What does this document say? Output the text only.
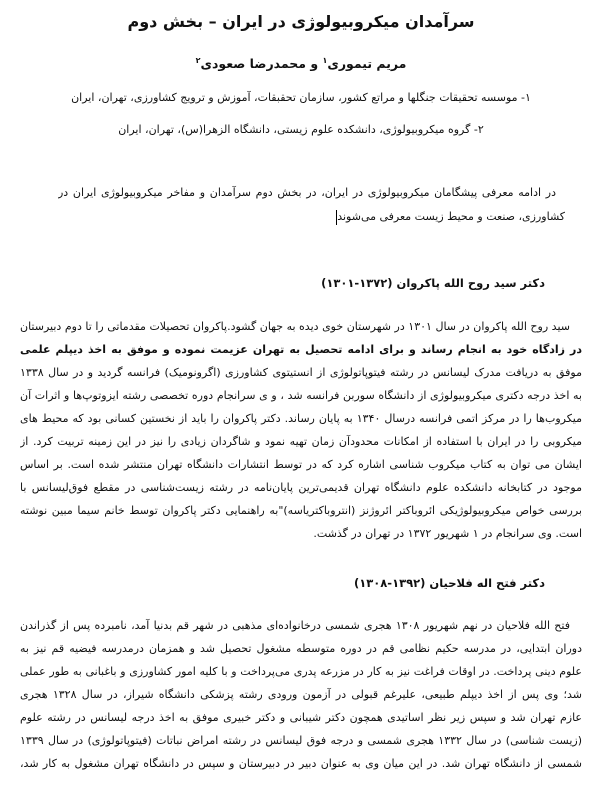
سرآمدان میکروبیولوژی در ایران – بخش دوم
مریم تیموری$^۱$ و محمدرضا صعودی$^۲$
۱- موسسه تحقیقات جنگلها و مراتع کشور، سازمان تحقبقات، آموزش و ترویج کشاورزی، تهران، ایران
۲- گروه میکروبیولوژی، دانشکده علوم زیستی، دانشگاه الزهرا(س)، تهران، ایران
در ادامه معرفی پیشگامان میکروبیولوژی در ایران، در بخش دوم سرآمدان و مفاخر میکروبیولوژی ایران در
کشاورزی، صنعت و محیط زیست معرفی می‌شوند
دکتر سید روح الله پاکروان (۱۳۷۲-۱۳۰۱)
سید روح الله پاکروان در سال ۱۳۰۱ در شهرستان خوی دیده به جهان گشود.پاکروان تحصیلات مقدماتی را تا دوم دبیرستان
در زادگاه خود به انجام رساند و برای ادامه تحصیل به تهران عزیمت نموده و موفق به اخذ دیپلم علمی
موفق به دریافت مدرک لیسانس در رشته فیتوپاتولوژی از انستیتوی کشاورزی (اگرونومیک) فرانسه گردید و در سال ۱۳۳۸
به اخذ درجه دکتری میکروبیولوژی از دانشگاه سوربن فرانسه شد ، و ی سرانجام دوره تخصصی رشته ایزوتوپ‌ها و اثرات آن
میکروب‌ها را در مرکز اتمی فرانسه درسال ۱۳۴۰ به پایان رساند. دکتر پاکروان را باید از نخستین کسانی بود که محیط های
میکروبی را در ایران با استفاده از امکانات محدودآن زمان تهیه نمود و شاگردان زیادی را نیز در این زمینه تربیت کرد. از
ایشان می توان به کتاب میکروب شناسی اشاره کرد که در توسط انتشارات دانشگاه تهران منتشر شده است. بر اساس
موجود در کتابخانه دانشکده علوم دانشگاه تهران قدیمی‌ترین پایان‌نامه در رشته زیست‌شناسی در مقطع فوق‌لیسانس با
بررسی خواص میکروبیولوژیکی ائروباکتر ائروژنز (انتروباکتریاسه)"به راهنمایی دکتر پاکروان توسط خانم سیما مبین نوشته
است. وی سرانجام در ۱ شهریور ۱۳۷۲ در تهران در گذشت.
دکتر فتح اله فلاحیان (۱۳۹۲-۱۳۰۸)
فتح الله فلاحیان در نهم شهریور ۱۳۰۸ هجری شمسی درخانواده‌ای مذهبی در شهر قم بدنیا آمد، نامبرده پس از گذراندن
دوران ابتدایی، در مدرسه حکیم نظامی قم در دوره متوسطه مشغول تحصیل شد و همزمان درمدرسه فیضیه قم نیز به
علوم دینی پرداخت. در اوقات فراغت نیز به کار در مزرعه پدری می‌پرداخت و با کلیه امور کشاورزی و باغبانی به طور عملی
شد؛ وی پس از اخذ دیپلم طبیعی، علیرغم قبولی در آزمون ورودی رشته پزشکی دانشگاه شیراز، در سال ۱۳۲۸ هجری
عازم تهران شد و سپس زیر نظر اساتیدی همچون دکتر شیبانی و دکتر خبیری موفق به اخذ درجه لیسانس در رشته علوم
(زیست شناسی) در سال ۱۳۳۲ هجری شمسی و درجه فوق لیسانس در رشته امراض نباتات (فیتوپاتولوژی) در سال ۱۳۳۹
شمسی از دانشگاه تهران شد. در این میان وی به عنوان دبیر در دبیرستان و سپس در دانشگاه تهران مشغول به کار شد،
